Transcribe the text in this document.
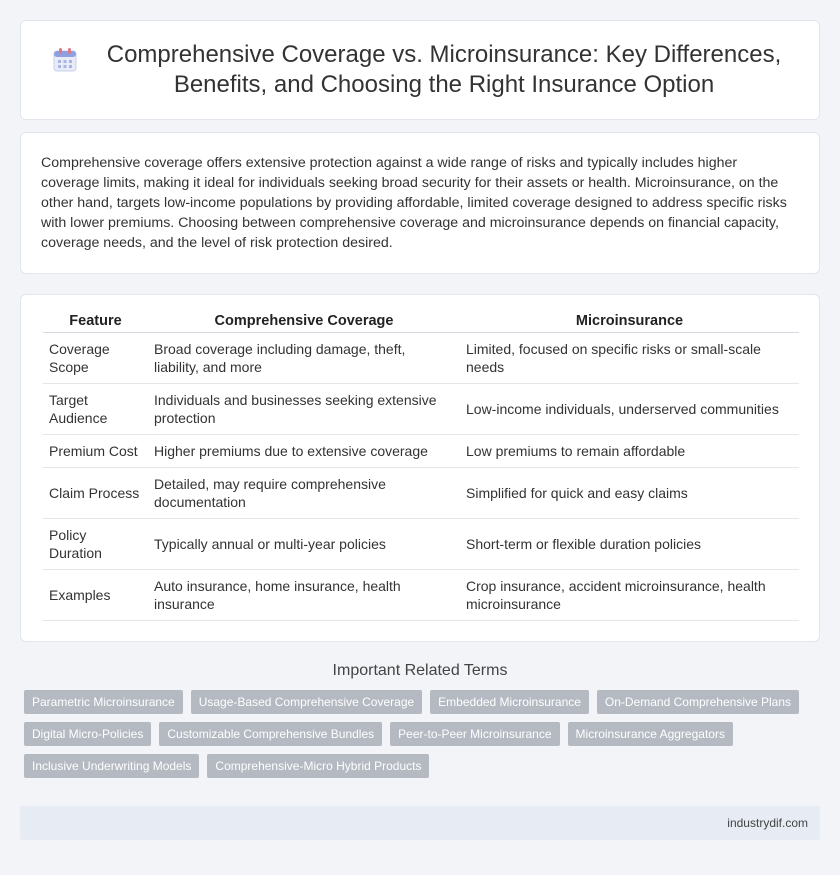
Comprehensive Coverage vs. Microinsurance: Key Differences, Benefits, and Choosing the Right Insurance Option

Comprehensive coverage offers extensive protection against a wide range of risks and typically includes higher coverage limits, making it ideal for individuals seeking broad security for their assets or health. Microinsurance, on the other hand, targets low-income populations by providing affordable, limited coverage designed to address specific risks with lower premiums. Choosing between comprehensive coverage and microinsurance depends on financial capacity, coverage needs, and the level of risk protection desired.

Feature	Comprehensive Coverage	Microinsurance
Coverage Scope	Broad coverage including damage, theft, liability, and more	Limited, focused on specific risks or small-scale needs
Target Audience	Individuals and businesses seeking extensive protection	Low-income individuals, underserved communities
Premium Cost	Higher premiums due to extensive coverage	Low premiums to remain affordable
Claim Process	Detailed, may require comprehensive documentation	Simplified for quick and easy claims
Policy Duration	Typically annual or multi-year policies	Short-term or flexible duration policies
Examples	Auto insurance, home insurance, health insurance	Crop insurance, accident microinsurance, health microinsurance
Important Related Terms
Parametric Microinsurance	Usage-Based Comprehensive Coverage	Embedded Microinsurance	On-Demand Comprehensive Plans
Digital Micro-Policies	Customizable Comprehensive Bundles	Peer-to-Peer Microinsurance	Microinsurance Aggregators
Inclusive Underwriting Models	Comprehensive-Micro Hybrid Products
industrydif.com
